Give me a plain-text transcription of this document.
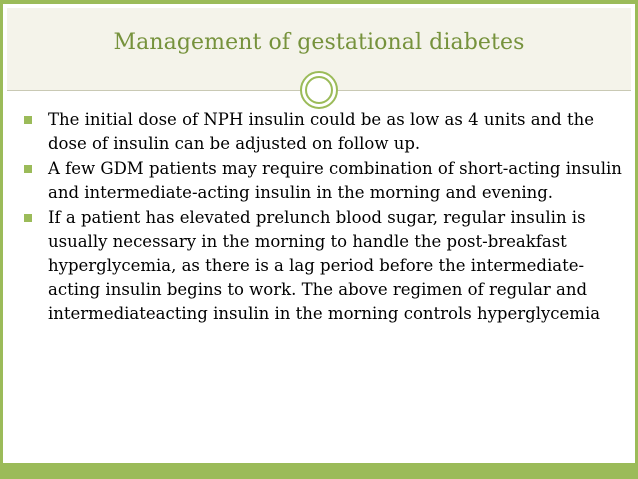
Management of gestational diabetes
The initial dose of NPH insulin could be as low as 4 units and the dose of insulin can be adjusted on follow up.
A few GDM patients may require combination of short-acting insulin and intermediate-acting insulin in the morning and evening.
If a patient has elevated prelunch blood sugar, regular insulin is usually necessary in the morning to handle the post-breakfast hyperglycemia, as there is a lag period before the intermediate-acting insulin begins to work. The above regimen of regular and intermediateacting insulin in the morning controls hyperglycemia
